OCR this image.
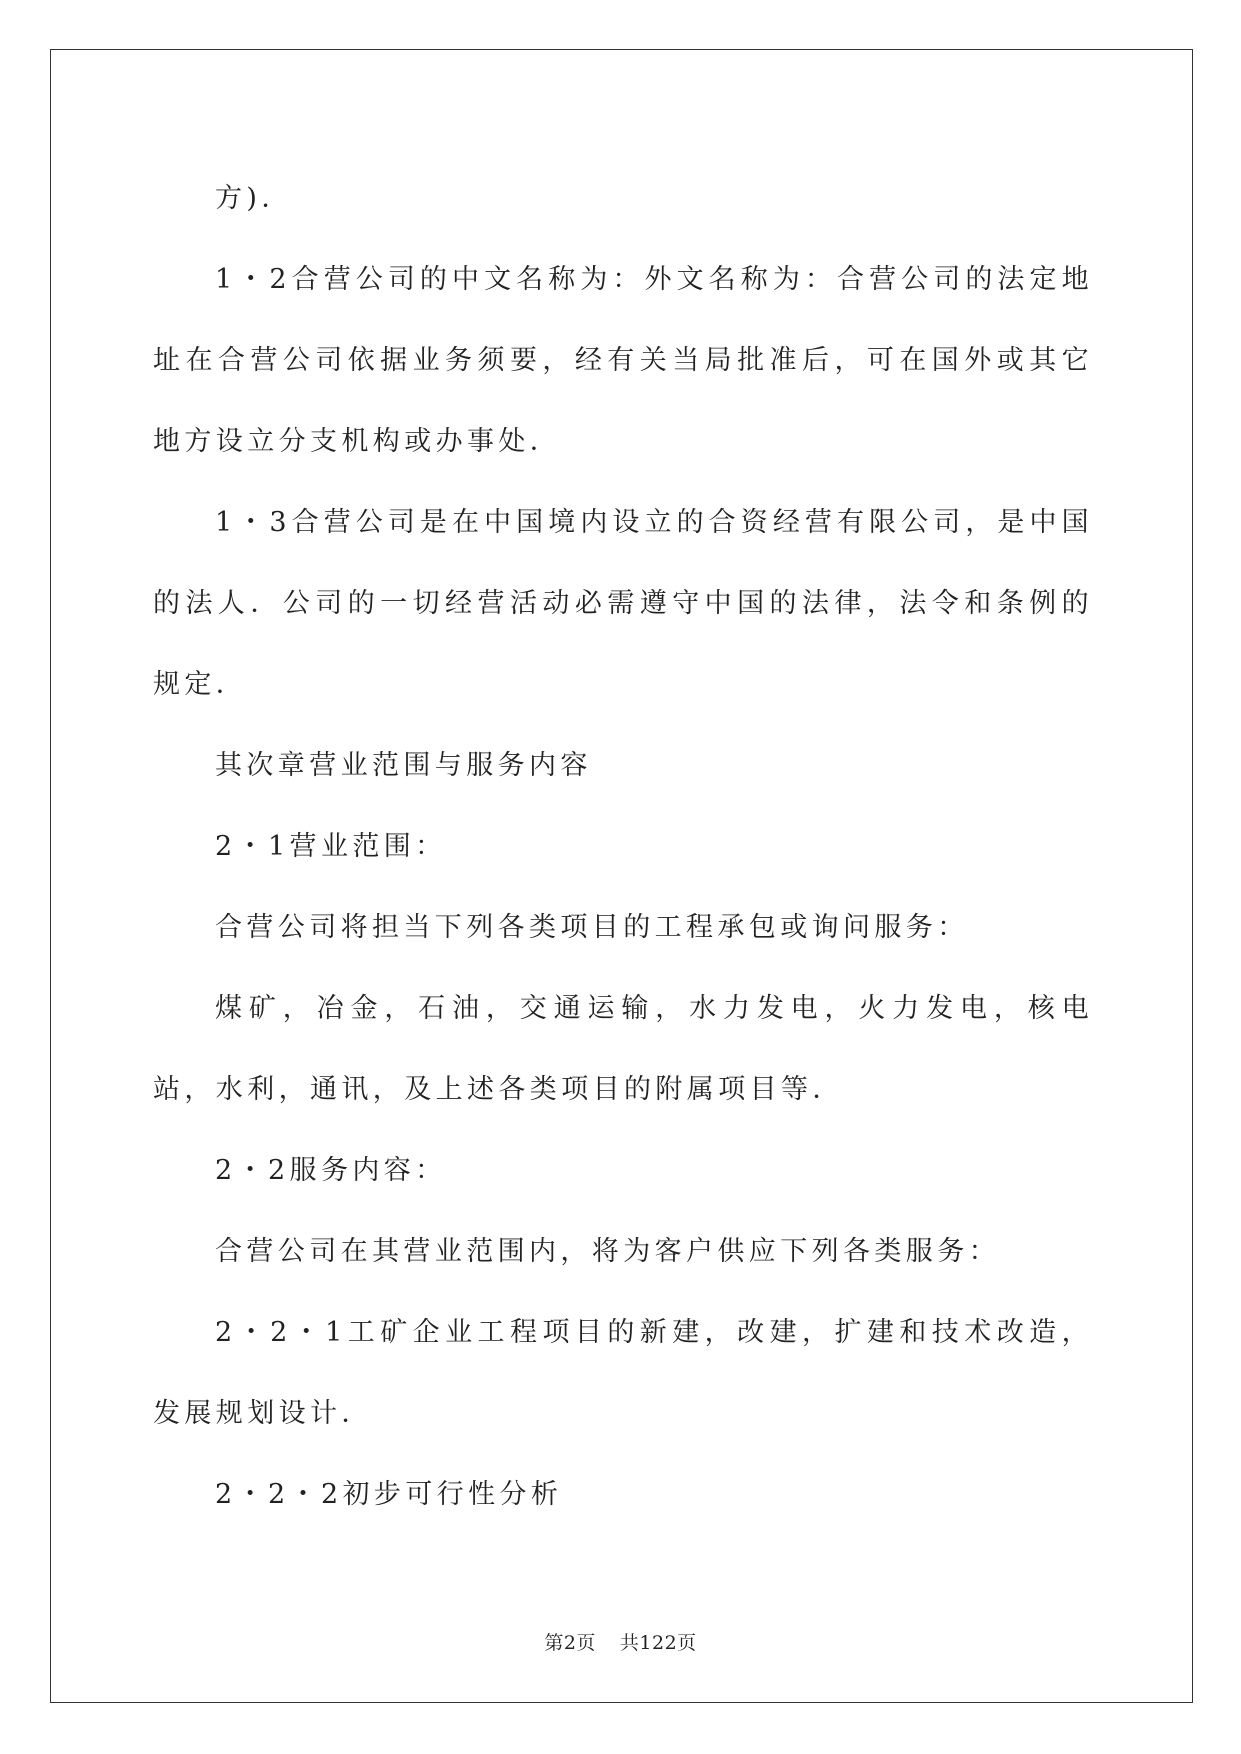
方)．

1・2合营公司的中文名称为：外文名称为：合营公司的法定地址在合营公司依据业务须要，经有关当局批准后，可在国外或其它地方设立分支机构或办事处．

1・3合营公司是在中国境内设立的合资经营有限公司，是中国的法人．公司的一切经营活动必需遵守中国的法律，法令和条例的规定．

其次章营业范围与服务内容

2・1营业范围：

合营公司将担当下列各类项目的工程承包或询问服务：

煤矿，冶金，石油，交通运输，水力发电，火力发电，核电站，水利，通讯，及上述各类项目的附属项目等．

2・2服务内容：

合营公司在其营业范围内，将为客户供应下列各类服务：

2・2・1工矿企业工程项目的新建，改建，扩建和技术改造，发展规划设计．

2・2・2初步可行性分析

第2页 共122页
